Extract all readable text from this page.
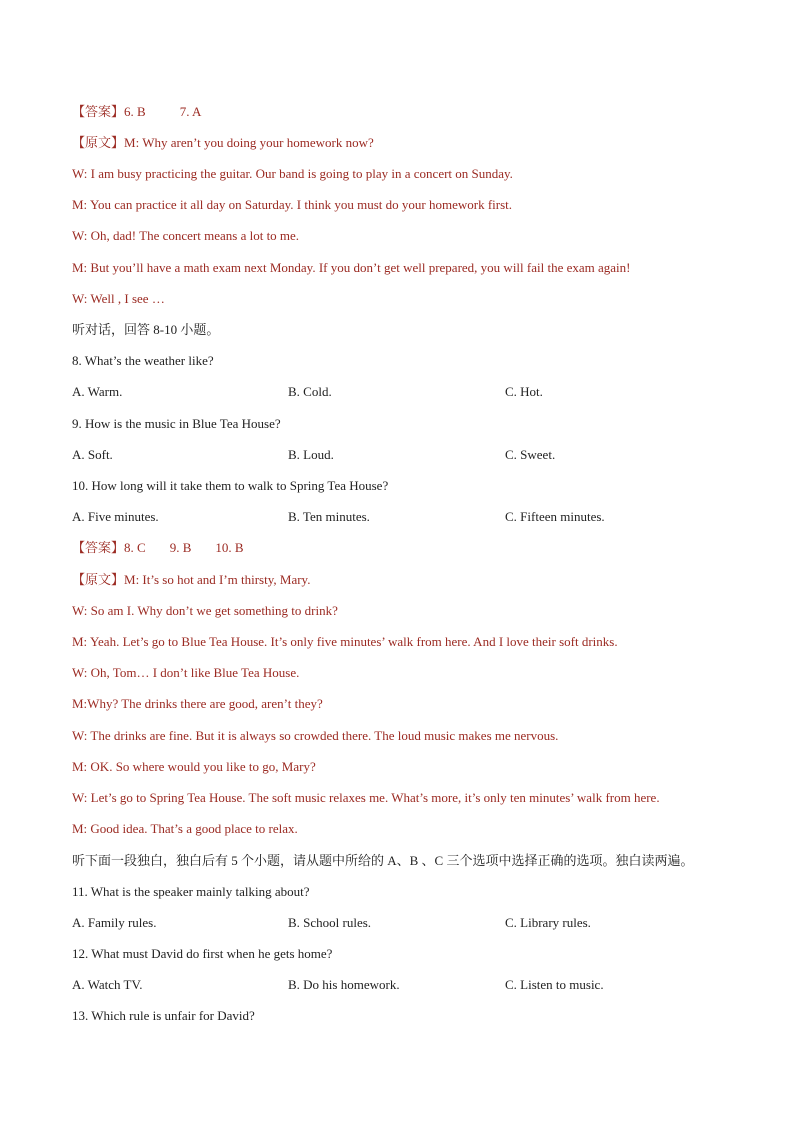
【答案】6. B	7. A
【原文】M: Why aren’t you doing your homework now?
W: I am busy practicing the guitar. Our band is going to play in a concert on Sunday.
M: You can practice it all day on Saturday. I think you must do your homework first.
W: Oh, dad! The concert means a lot to me.
M: But you’ll have a math exam next Monday. If you don’t get well prepared, you will fail the exam again!
W: Well , I see …
听对话，回答 8-10 小题。
8. What’s the weather like?
A. Warm.	B. Cold.	C. Hot.
9. How is the music in Blue Tea House?
A. Soft.	B. Loud.	C. Sweet.
10. How long will it take them to walk to Spring Tea House?
A. Five minutes.	B. Ten minutes.	C. Fifteen minutes.
【答案】8. C 9. B 10. B
【原文】M: It’s so hot and I’m thirsty, Mary.
W: So am I. Why don’t we get something to drink?
M: Yeah. Let’s go to Blue Tea House. It’s only five minutes’ walk from here. And I love their soft drinks.
W: Oh, Tom… I don’t like Blue Tea House.
M:Why? The drinks there are good, aren’t they?
W: The drinks are fine. But it is always so crowded there. The loud music makes me nervous.
M: OK. So where would you like to go, Mary?
W: Let’s go to Spring Tea House. The soft music relaxes me. What’s more, it’s only ten minutes’ walk from here.
M: Good idea. That’s a good place to relax.
听下面一段独白，独白后有 5 个小题，请从题中所给的 A、B 、C 三个选项中选择正确的选项。独白读两遍。
11. What is the speaker mainly talking about?
A. Family rules.	B. School rules.	C. Library rules.
12. What must David do first when he gets home?
A. Watch TV.	B. Do his homework.	C. Listen to music.
13. Which rule is unfair for David?
